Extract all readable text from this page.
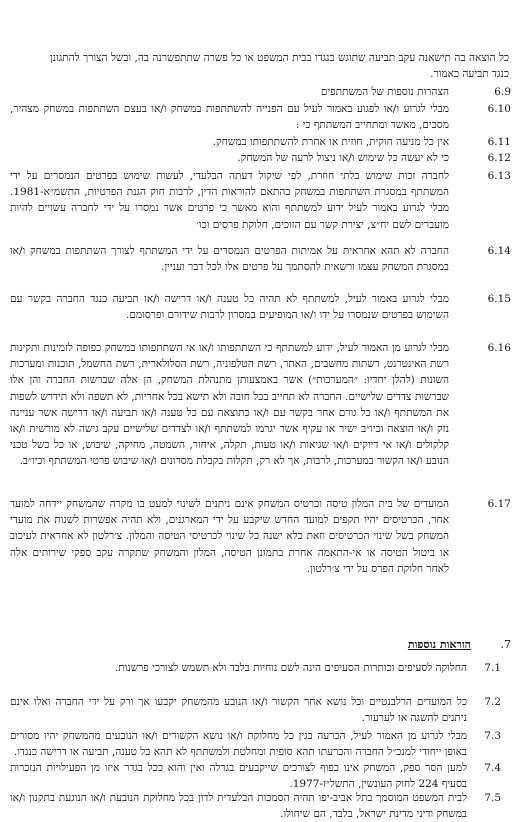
כל הוצאה בה תישאנה עקב תביעה שתוגש כנגדו בבית המשפט או כל פשרה שתתפשרנה בה, ובשל הצורך להתגונן כנגד תביעה כאמור.

6.9

הצהרות נוספות של המשתתפים

6.10

מבלי לגרוע ו/או לפגוע באמור לעיל עם הפנייה להשתתפות במשחק ו/או בעצם השתתפות במשחק מצהיר, מסכים, מאשר ומתחייב המשתתף כי :

6.11

אין כל מניעה חוקית, חוזית או אחרת להשתתפותו במשחק.

6.12

כי לא יעשה כל שימוש ו/או ניצול לרעה של המשחק.

6.13

לחברה זכות שימוש בלתי חוזרת, לפי שיקול דעתה הבלעדי, לעשות שימוש בפרטים הנמסרים על ידי המשתתף במסגרת השתתפות במשחק בהתאם להוראות הדין, לרבות חוק הגנת הפרטיות, התשמ״א-1981. מבלי לגרוע באמור לעיל ידוע למשתתף והוא מאשר כי פרטים אשר נמסרו על ידי לחברה עשויים להיות מועברים לשם יח״צ, יצירת קשר עם הזוכים, חלוקת פרסים וכו׳

6.14

החברה לא תהא אחראית על אמיתות הפרטים הנמסרים על ידי המשתתף לצורך השתתפות במשחק ו/או במסגרת המשחק עצמו ורשאית להסתמך על פרטים אלו לכל דבר ועניין.

6.15

מבלי לגרוע באמור לעיל, למשתתף לא תהיה כל טענה ו/או דרישה ו/או תביעה כנגד החברה בקשר עם השימוש בפרטים שנמסרו על ידו ו/או המופיעים במסרון לרבות שידורם ופרסומם.

6.16

מבלי לגרוע מן האמור לעיל, ידוע למשתתף כי השתתפותו ו/או אי השתתפותו במשחק כפופה לזמינות ותקינות רשת האינטרנט, רשתות מחשבים, האתר, רשת הטלפוניה, רשת הסלולארית, רשת החשמל, תוכנות ומערכות השונות (להלן יחדיו: ״המערכות״) אשר באמצעותן מתנהלת המשחק, הן אלה שברשות החברה והן אלו שברשות צדדים שלישיים. החברה לא תחייב בכל חובה ולא תישא בכל אחריות, לא תשפה ולא תידרש לשפות את המשתתף ו/או כל גורם אחר בקשר עם ו/או כתוצאה עם כל טענה ו/או תביעה ו/או דרישה אשר עניינה נזק ו/או הוצאה וכיו״ב ישיר או עקיף אשר יגרמו למשתתף ו/או לצדדים שלישיים עקב גישה לא מורשית ו/או קלקולים ו/או אי דיוקים ו/או שגיאות ו/או טעות, תקלה, איחור, השמטה, מחיקה, שיבוש, או כל כשל טכני הנובע ו/או הקשור במערכות, לרבות, אך לא רק, תקלות בקבלת מסרונים ו/או שיבוש פרטי המשתתף וכיו״ב.

6.17

המועדים של בית המלון טיסה וכרטיס המשחק אינם ניתנים לשינוי למעט בו מקרה שהמשחק יידחה למועד אחר, הכרטיסים יהיו תקפים למועד החדש שיקבע על ידי המארגנים, ולא תהיה אפשרות לשנות את מועדי המשחק בשל שינוי הכרטיסים וזאת כלא ישנה כל שינוי לכרטיסי הטיסה והמלון. צ׳רלטון לא אחראית לעיכוב או ביטול הטיסה או אי-התאמה אחרת בתמונן הטיסה, המלון והמשחק שתקרה עקב ספקי שירותים אלה לאחר חלוקת הפרס על ידי צ׳רלטון.

7.
הוראות נוספות
7.1

החלוקה לסעיפים וכותרות הסעיפים הינה לשם נוחיות בלבד ולא תשמש לצורכי פרשנות.

7.2

כל המועדים הרלבנטיים וכל נושא אחר הקשור ו/או הנובע מהמשחק יקבעו אך ורק על ידי החברה ואלו אינם ניתנים להשגה או לערעור.

7.3

מבלי לגרוע מן האמור לעיל, הכרעה בגין כל מחלוקת ו/או נושא הקשורים ו/או הנובעים מהמשחק יהיו מסורים באופן ייחודי למנכ״ל החברה והכרעתו תהא סופית ומחלטת ולמשתתף לא תהא כל טענה, תביעה או דרישה כנגדו.

7.4

למען הסר ספק, המשחק אינו כפוף לצורכים שייקבעים בגרלה ואין והוא ככל בגדר איזו מן הפעילויות הנזכרות בסעיף 224 לחוק העונשין, התשל״ז-1977.

7.5

לבית המשפט המוסמך בתל אביב-יפו תהיה הסמכות הבלעדית לדון בכל מחלוקת הנובעת ו/או הנוגעת בתקנון ו/או במשחק ודיני מדינת ישראל, בלבד, הם שיחולו.
